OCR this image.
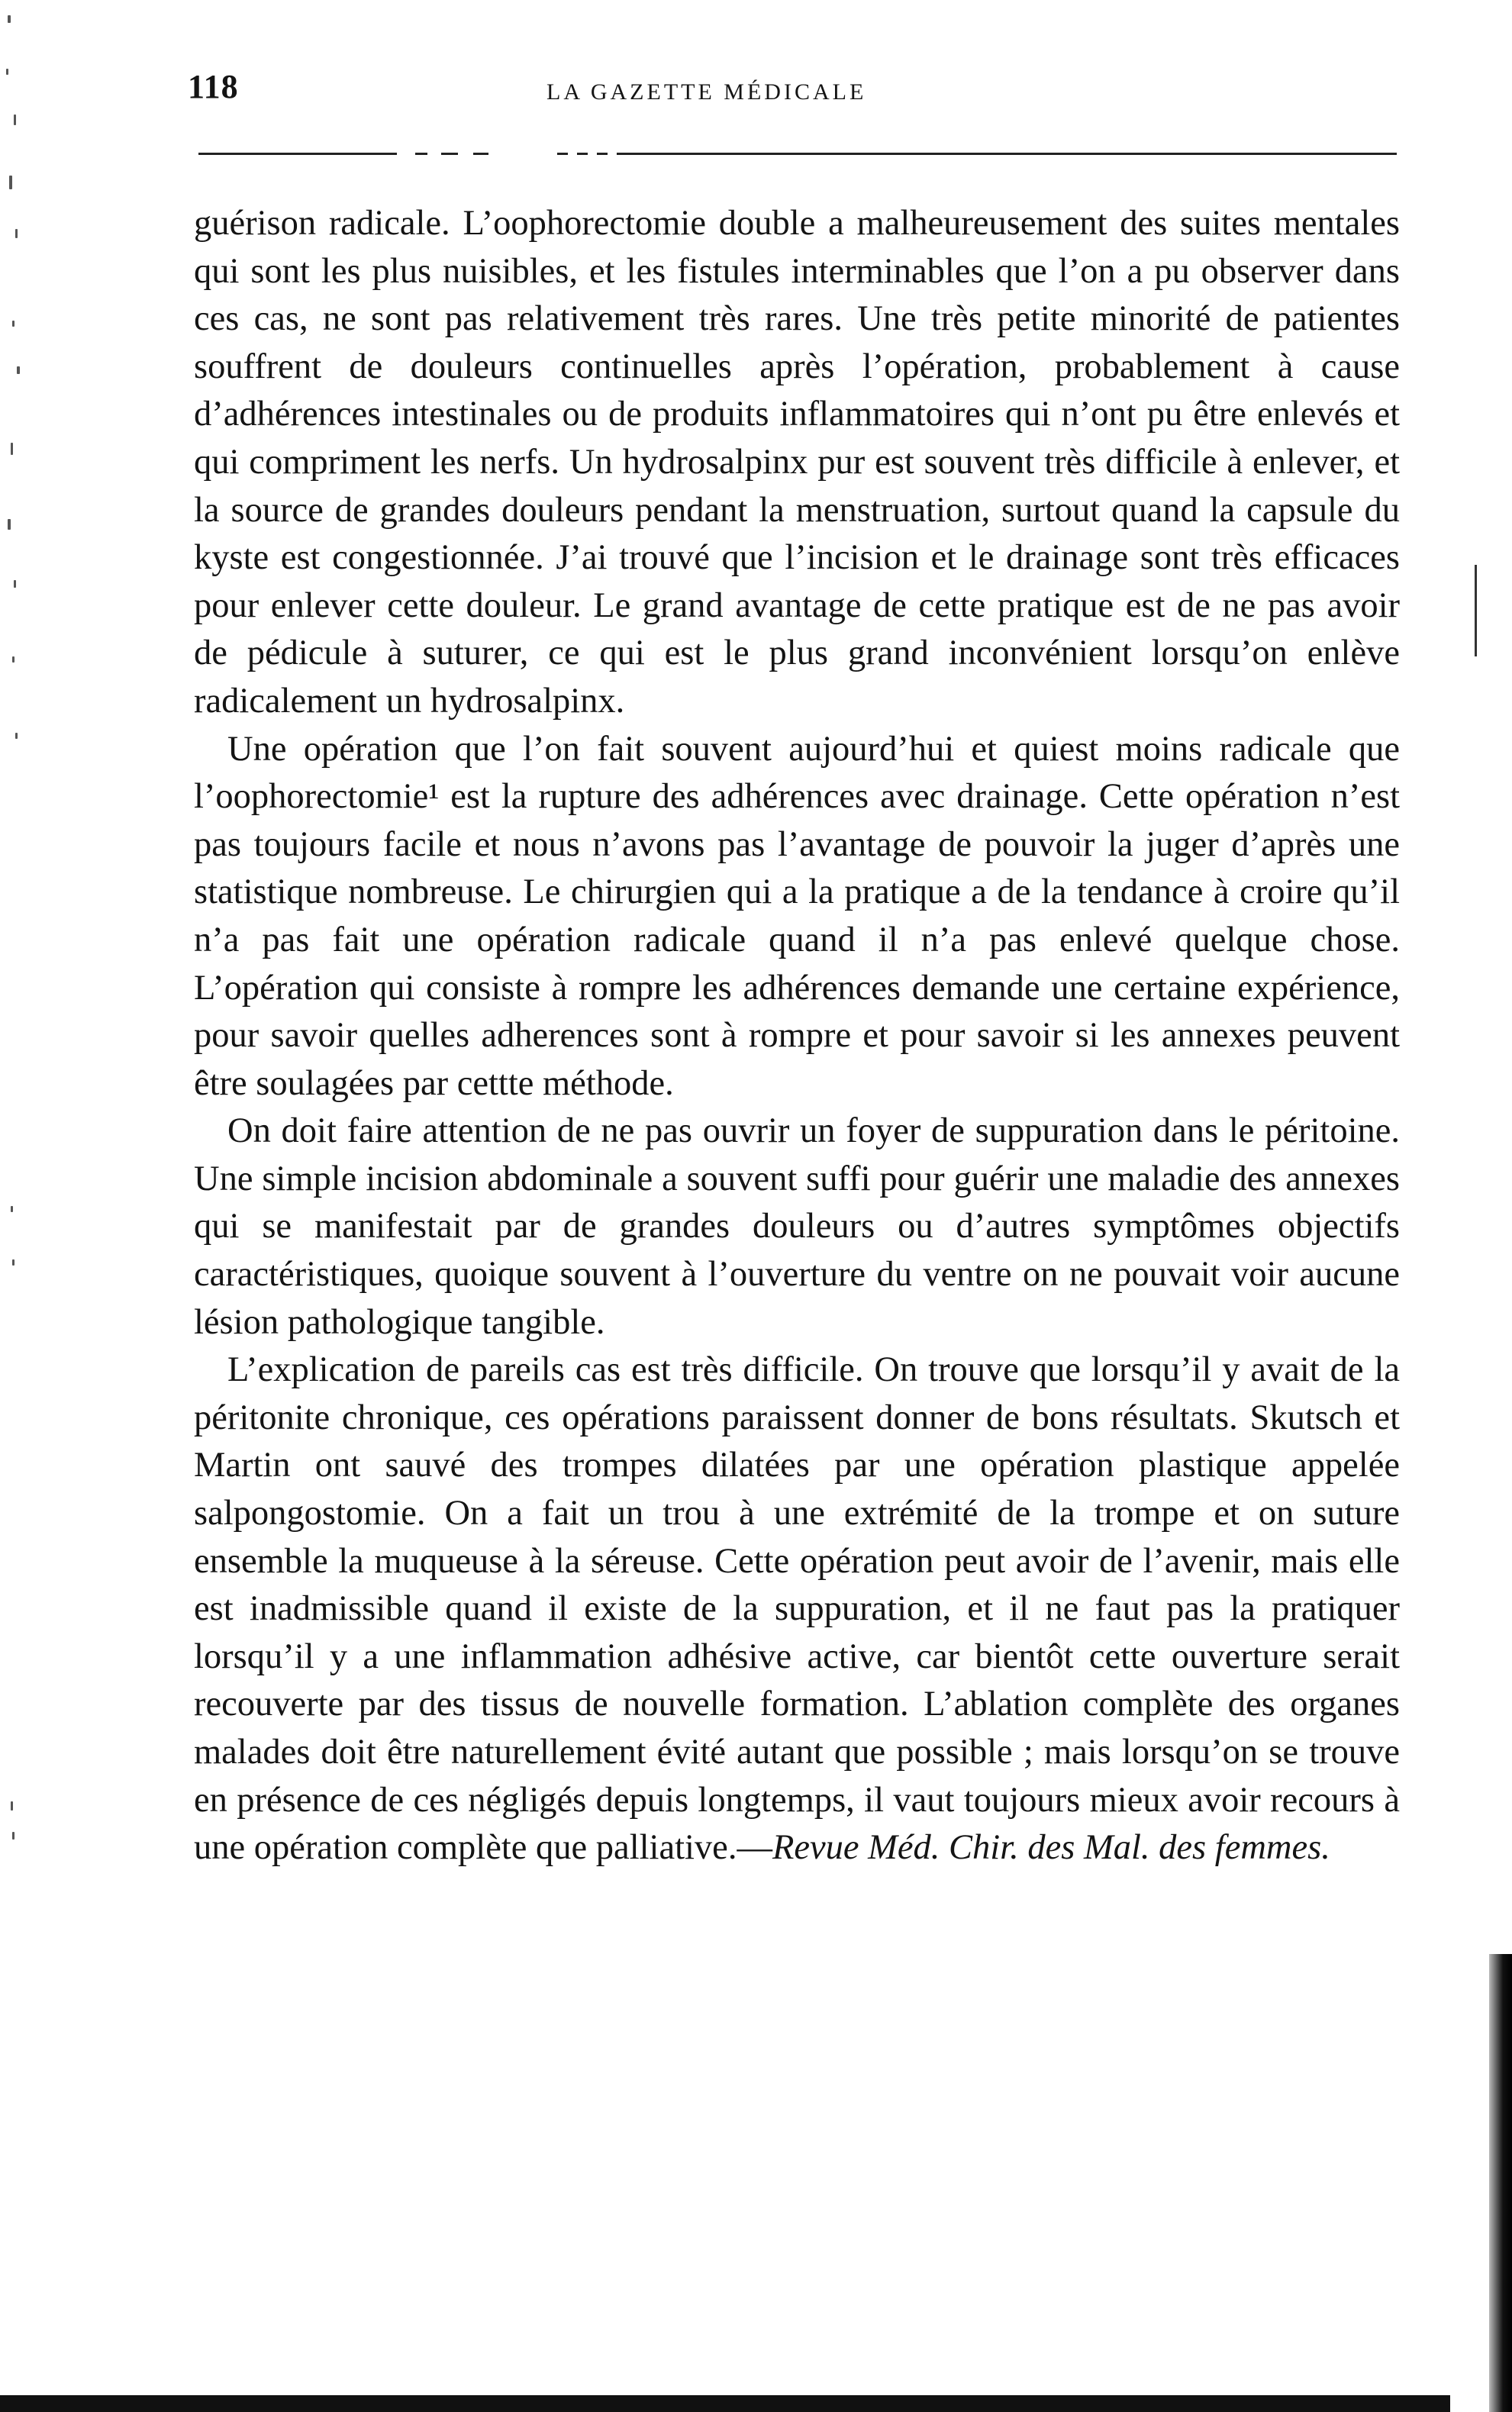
118	LA GAZETTE MÉDICALE

guérison radicale. L’oophorectomie double a malheureusement des suites mentales qui sont les plus nuisibles, et les fistules interminables que l’on a pu observer dans ces cas, ne sont pas relativement très rares. Une très petite minorité de patientes souffrent de douleurs continuelles après l’opération, probablement à cause d’adhérences intestinales ou de produits inflammatoires qui n’ont pu être enlevés et qui compriment les nerfs. Un hydrosalpinx pur est souvent très difficile à enlever, et la source de grandes douleurs pendant la menstruation, surtout quand la capsule du kyste est congestionnée. J’ai trouvé que l’incision et le drainage sont très efficaces pour enlever cette douleur. Le grand avantage de cette pratique est de ne pas avoir de pédicule à suturer, ce qui est le plus grand inconvénient lorsqu’on enlève radicalement un hydrosalpinx.

Une opération que l’on fait souvent aujourd’hui et quiest moins radicale que l’oophorectomie¹ est la rupture des adhérences avec drainage. Cette opération n’est pas toujours facile et nous n’avons pas l’avantage de pouvoir la juger d’après une statistique nombreuse. Le chirurgien qui a la pratique a de la tendance à croire qu’il n’a pas fait une opération radicale quand il n’a pas enlevé quelque chose. L’opération qui consiste à rompre les adhérences demande une certaine expérience, pour savoir quelles adherences sont à rompre et pour savoir si les annexes peuvent être soulagées par cettte méthode.

On doit faire attention de ne pas ouvrir un foyer de suppuration dans le péritoine. Une simple incision abdominale a souvent suffi pour guérir une maladie des annexes qui se manifestait par de grandes douleurs ou d’autres symptômes objectifs caractéristiques, quoique souvent à l’ouverture du ventre on ne pouvait voir aucune lésion pathologique tangible.

L’explication de pareils cas est très difficile. On trouve que lorsqu’il y avait de la péritonite chronique, ces opérations paraissent donner de bons résultats. Skutsch et Martin ont sauvé des trompes dilatées par une opération plastique appelée salpongostomie. On a fait un trou à une extrémité de la trompe et on suture ensemble la muqueuse à la séreuse. Cette opération peut avoir de l’avenir, mais elle est inadmissible quand il existe de la suppuration, et il ne faut pas la pratiquer lorsqu’il y a une inflammation adhésive active, car bientôt cette ouverture serait recouverte par des tissus de nouvelle formation. L’ablation complète des organes malades doit être naturellement évité autant que possible ; mais lorsqu’on se trouve en présence de ces négligés depuis longtemps, il vaut toujours mieux avoir recours à une opération complète que palliative.—Revue Méd. Chir. des Mal. des femmes.
